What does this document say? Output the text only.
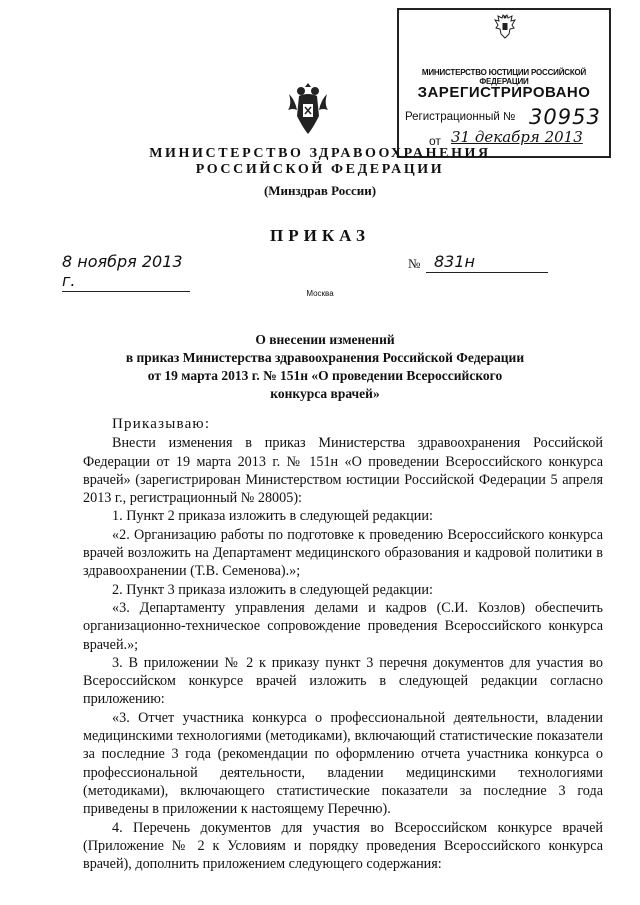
МИНИСТЕРСТВО ЮСТИЦИИ РОССИЙСКОЙ ФЕДЕРАЦИИ
ЗАРЕГИСТРИРОВАНО
Регистрационный № 30953
от 31 декабря 2013
МИНИСТЕРСТВО ЗДРАВООХРАНЕНИЯ
РОССИЙСКОЙ ФЕДЕРАЦИИ
(Минздрав России)
ПРИКАЗ
8 ноября 2013 г.
№ 831н
Москва
О внесении изменений
в приказ Министерства здравоохранения Российской Федерации
от 19 марта 2013 г. № 151н «О проведении Всероссийского
конкурса врачей»

Приказываю:

Внести изменения в приказ Министерства здравоохранения Российской Федерации от 19 марта 2013 г. № 151н «О проведении Всероссийского конкурса врачей» (зарегистрирован Министерством юстиции Российской Федерации 5 апреля 2013 г., регистрационный № 28005):

1. Пункт 2 приказа изложить в следующей редакции:

«2. Организацию работы по подготовке к проведению Всероссийского конкурса врачей возложить на Департамент медицинского образования и кадровой политики в здравоохранении (Т.В. Семенова).»;

2. Пункт 3 приказа изложить в следующей редакции:

«3. Департаменту управления делами и кадров (С.И. Козлов) обеспечить организационно-техническое сопровождение проведения Всероссийского конкурса врачей.»;

3. В приложении № 2 к приказу пункт 3 перечня документов для участия во Всероссийском конкурсе врачей изложить в следующей редакции согласно приложению:

«3. Отчет участника конкурса о профессиональной деятельности, владении медицинскими технологиями (методиками), включающий статистические показатели за последние 3 года (рекомендации по оформлению отчета участника конкурса о профессиональной деятельности, владении медицинскими технологиями (методиками), включающего статистические показатели за последние 3 года приведены в приложении к настоящему Перечню).

4. Перечень документов для участия во Всероссийском конкурсе врачей (Приложение № 2 к Условиям и порядку проведения Всероссийского конкурса врачей), дополнить приложением следующего содержания:
